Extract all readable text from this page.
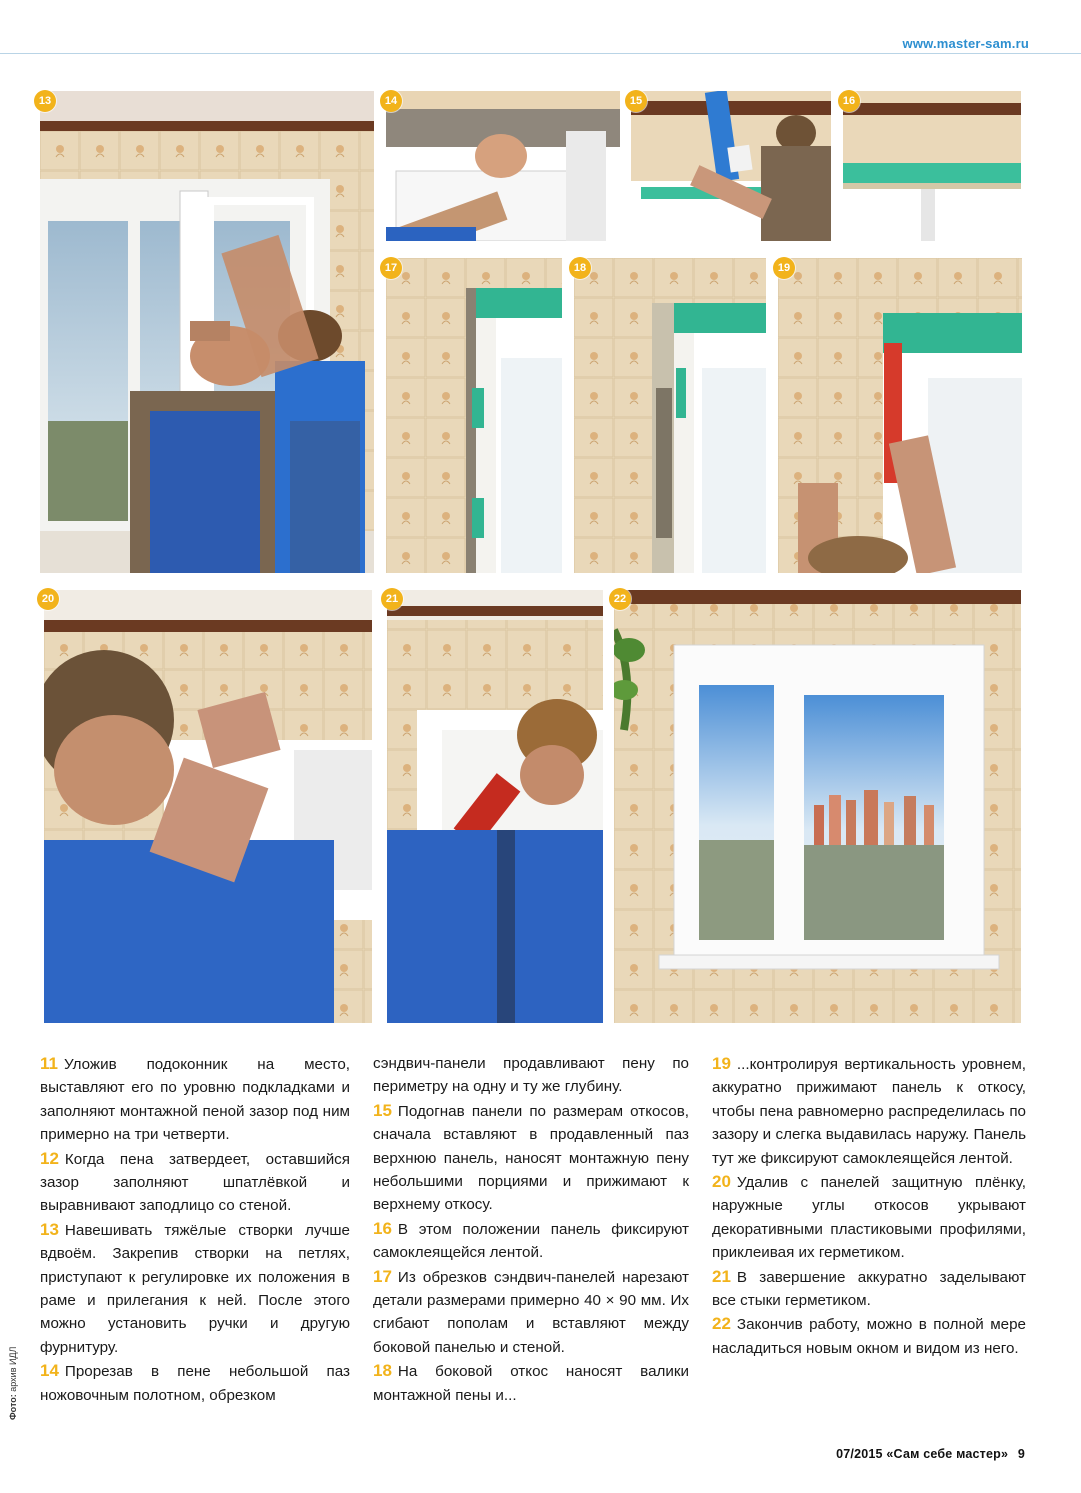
www.master-sam.ru
13	14	15	16
17	18	19
20	21	22

11 Уложив подоконник на место, выставляют его по уровню подкладками и заполняют монтажной пеной зазор под ним примерно на три четверти.

12 Когда пена затвердеет, оставшийся зазор заполняют шпатлёвкой и выравнивают заподлицо со стеной.

13 Навешивать тяжёлые створки лучше вдвоём. Закрепив створки на петлях, приступают к регулировке их положения в раме и прилегания к ней. После этого можно установить ручки и другую фурнитуру.

14 Прорезав в пене небольшой паз ножовочным полотном, обрезком

сэндвич-панели продавливают пену по периметру на одну и ту же глубину.

15 Подогнав панели по размерам откосов, сначала вставляют в продавленный паз верхнюю панель, наносят монтажную пену небольшими порциями и прижимают к верхнему откосу.

16 В этом положении панель фиксируют самоклеящейся лентой.

17 Из обрезков сэндвич-панелей нарезают детали размерами примерно 40 × 90 мм. Их сгибают пополам и вставляют между боковой панелью и стеной.

18 На боковой откос наносят валики монтажной пены и...

19 ...контролируя вертикальность уровнем, аккуратно прижимают панель к откосу, чтобы пена равномерно распределилась по зазору и слегка выдавилась наружу. Панель тут же фиксируют самоклеящейся лентой.

20 Удалив с панелей защитную плёнку, наружные углы откосов укрывают декоративными пластиковыми профилями, приклеивая их герметиком.

21 В завершение аккуратно заделывают все стыки герметиком.

22 Закончив работу, можно в полной мере насладиться новым окном и видом из него.

Фото: архив ИДЛ
07/2015 «Сам себе мастер» 9
